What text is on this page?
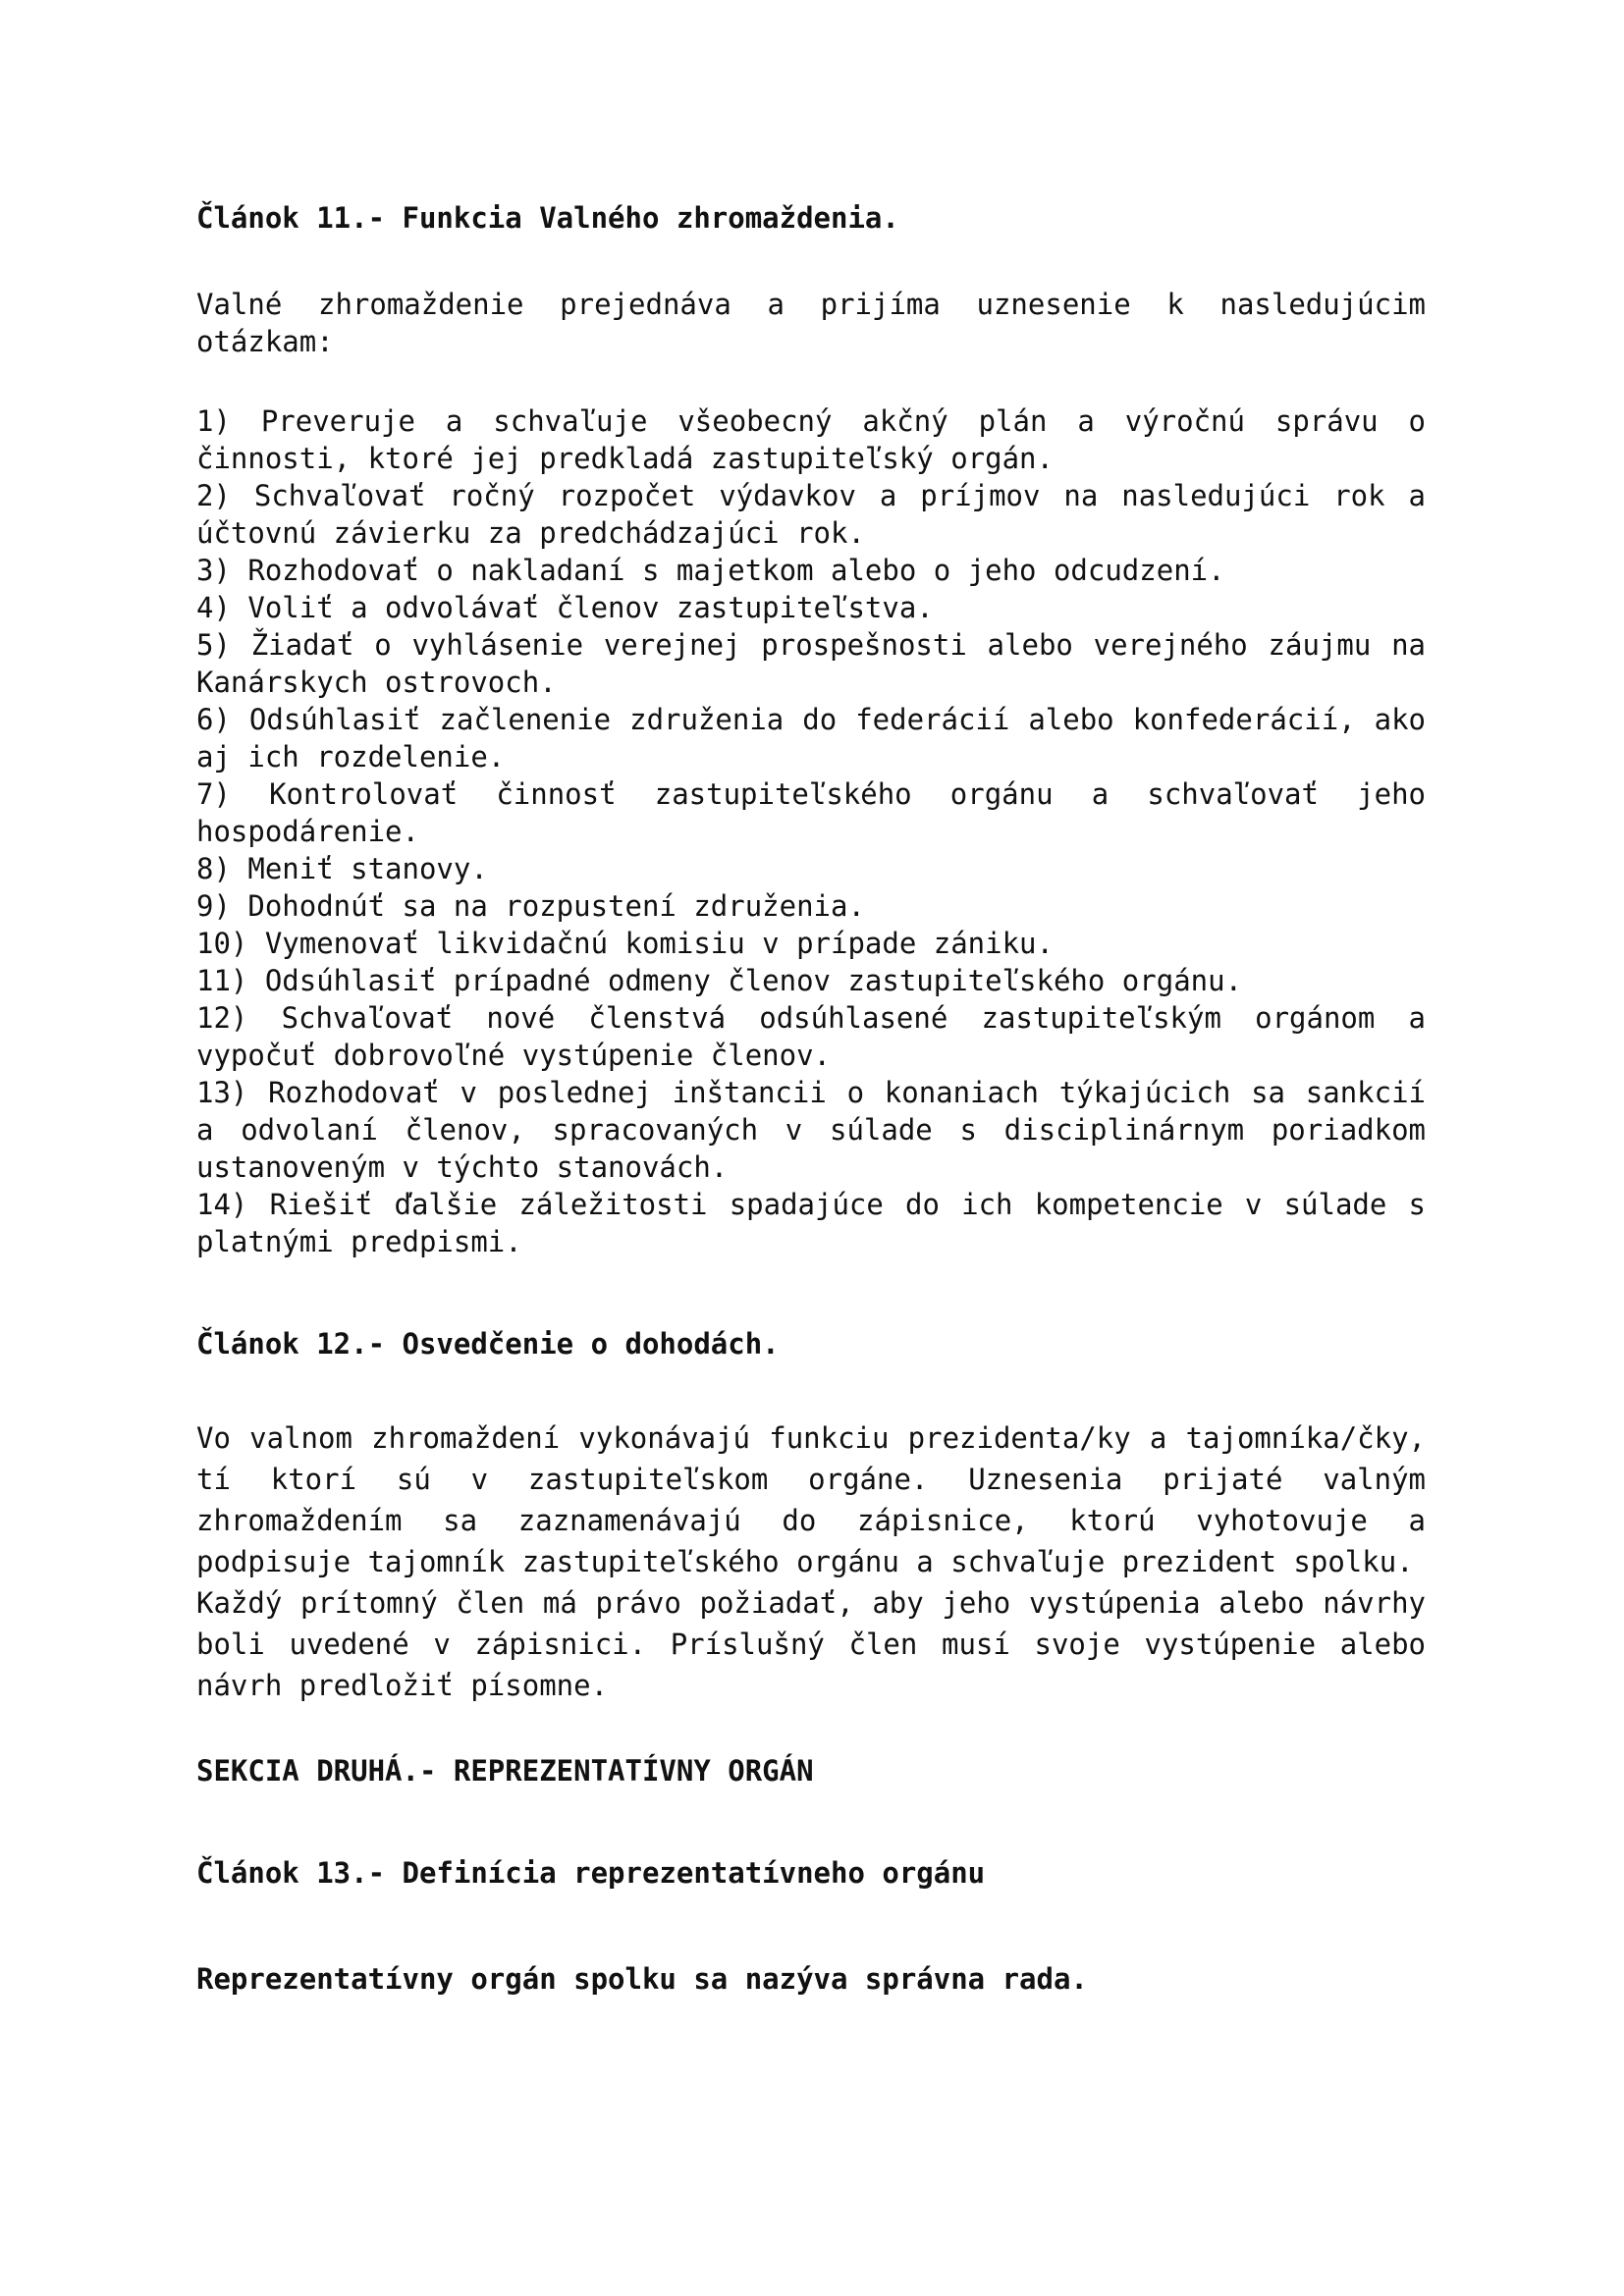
Článok 11.- Funkcia Valného zhromaždenia.
Valné zhromaždenie prejednáva a prijíma uznesenie k nasledujúcim otázkam:
1) Preveruje a schvaľuje všeobecný akčný plán a výročnú správu o činnosti, ktoré jej predkladá zastupiteľský orgán.
2) Schvaľovať ročný rozpočet výdavkov a príjmov na nasledujúci rok a účtovnú závierku za predchádzajúci rok.
3) Rozhodovať o nakladaní s majetkom alebo o jeho odcudzení.
4) Voliť a odvolávať členov zastupiteľstva.
5) Žiadať o vyhlásenie verejnej prospešnosti alebo verejného záujmu na Kanárskych ostrovoch.
6) Odsúhlasiť začlenenie združenia do federácií alebo konfederácií, ako aj ich rozdelenie.
7) Kontrolovať činnosť zastupiteľského orgánu a schvaľovať jeho hospodárenie.
8) Meniť stanovy.
9) Dohodnúť sa na rozpustení združenia.
10) Vymenovať likvidačnú komisiu v prípade zániku.
11) Odsúhlasiť prípadné odmeny členov zastupiteľského orgánu.
12) Schvaľovať nové členstvá odsúhlasené zastupiteľským orgánom a vypočuť dobrovoľné vystúpenie členov.
13) Rozhodovať v poslednej inštancii o konaniach týkajúcich sa sankcií a odvolaní členov, spracovaných v súlade s disciplinárnym poriadkom ustanoveným v týchto stanovách.
14) Riešiť ďalšie záležitosti spadajúce do ich kompetencie v súlade s platnými predpismi.
Článok 12.- Osvedčenie o dohodách.
Vo valnom zhromaždení vykonávajú funkciu prezidenta/ky a tajomníka/čky, tí ktorí sú v zastupiteľskom orgáne. Uznesenia prijaté valným zhromaždením sa zaznamenávajú do zápisnice, ktorú vyhotovuje a podpisuje tajomník zastupiteľského orgánu a schvaľuje prezident spolku.
Každý prítomný člen má právo požiadať, aby jeho vystúpenia alebo návrhy boli uvedené v zápisnici. Príslušný člen musí svoje vystúpenie alebo návrh predložiť písomne.
SEKCIA DRUHÁ.- REPREZENTATÍVNY ORGÁN
Článok 13.- Definícia reprezentatívneho orgánu
Reprezentatívny orgán spolku sa nazýva správna rada.
